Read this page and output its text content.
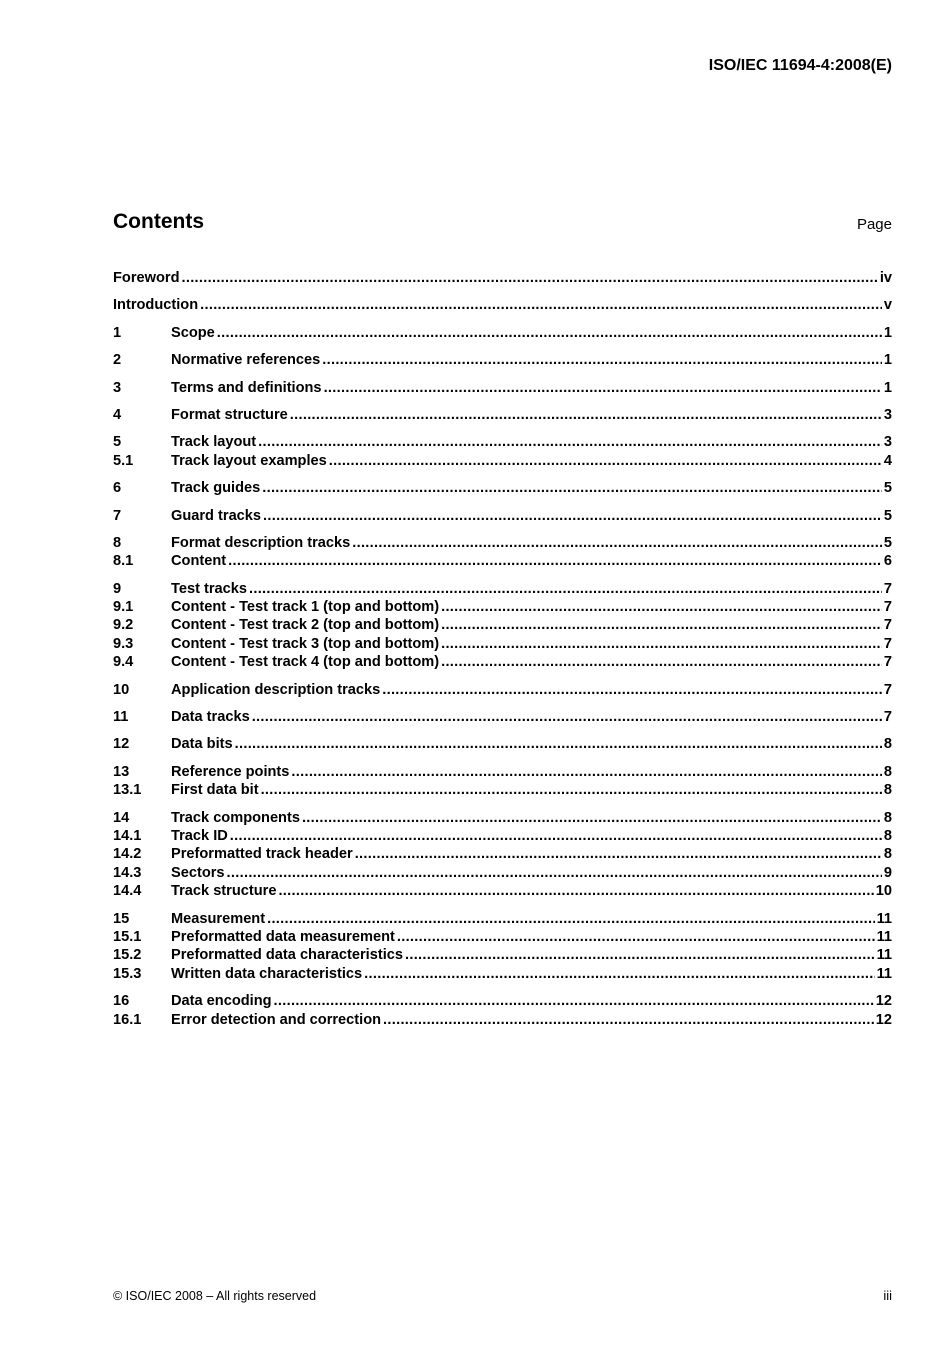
ISO/IEC 11694-4:2008(E)
Contents	Page
Foreword .....	iv
Introduction .....	v
1	Scope .....	1
2	Normative references .....	1
3	Terms and definitions .....	1
4	Format structure .....	3
5	Track layout .....	3
5.1	Track layout examples .....	4
6	Track guides .....	5
7	Guard tracks .....	5
8	Format description tracks .....	5
8.1	Content .....	6
9	Test tracks .....	7
9.1	Content - Test track 1 (top and bottom) .....	7
9.2	Content - Test track 2 (top and bottom) .....	7
9.3	Content - Test track 3 (top and bottom) .....	7
9.4	Content - Test track 4 (top and bottom) .....	7
10	Application description tracks .....	7
11	Data tracks .....	7
12	Data bits .....	8
13	Reference points .....	8
13.1	First data bit .....	8
14	Track components .....	8
14.1	Track ID .....	8
14.2	Preformatted track header .....	8
14.3	Sectors .....	9
14.4	Track structure .....	10
15	Measurement .....	11
15.1	Preformatted data measurement .....	11
15.2	Preformatted data characteristics .....	11
15.3	Written data characteristics .....	11
16	Data encoding .....	12
16.1	Error detection and correction .....	12
© ISO/IEC 2008 – All rights reserved	iii
